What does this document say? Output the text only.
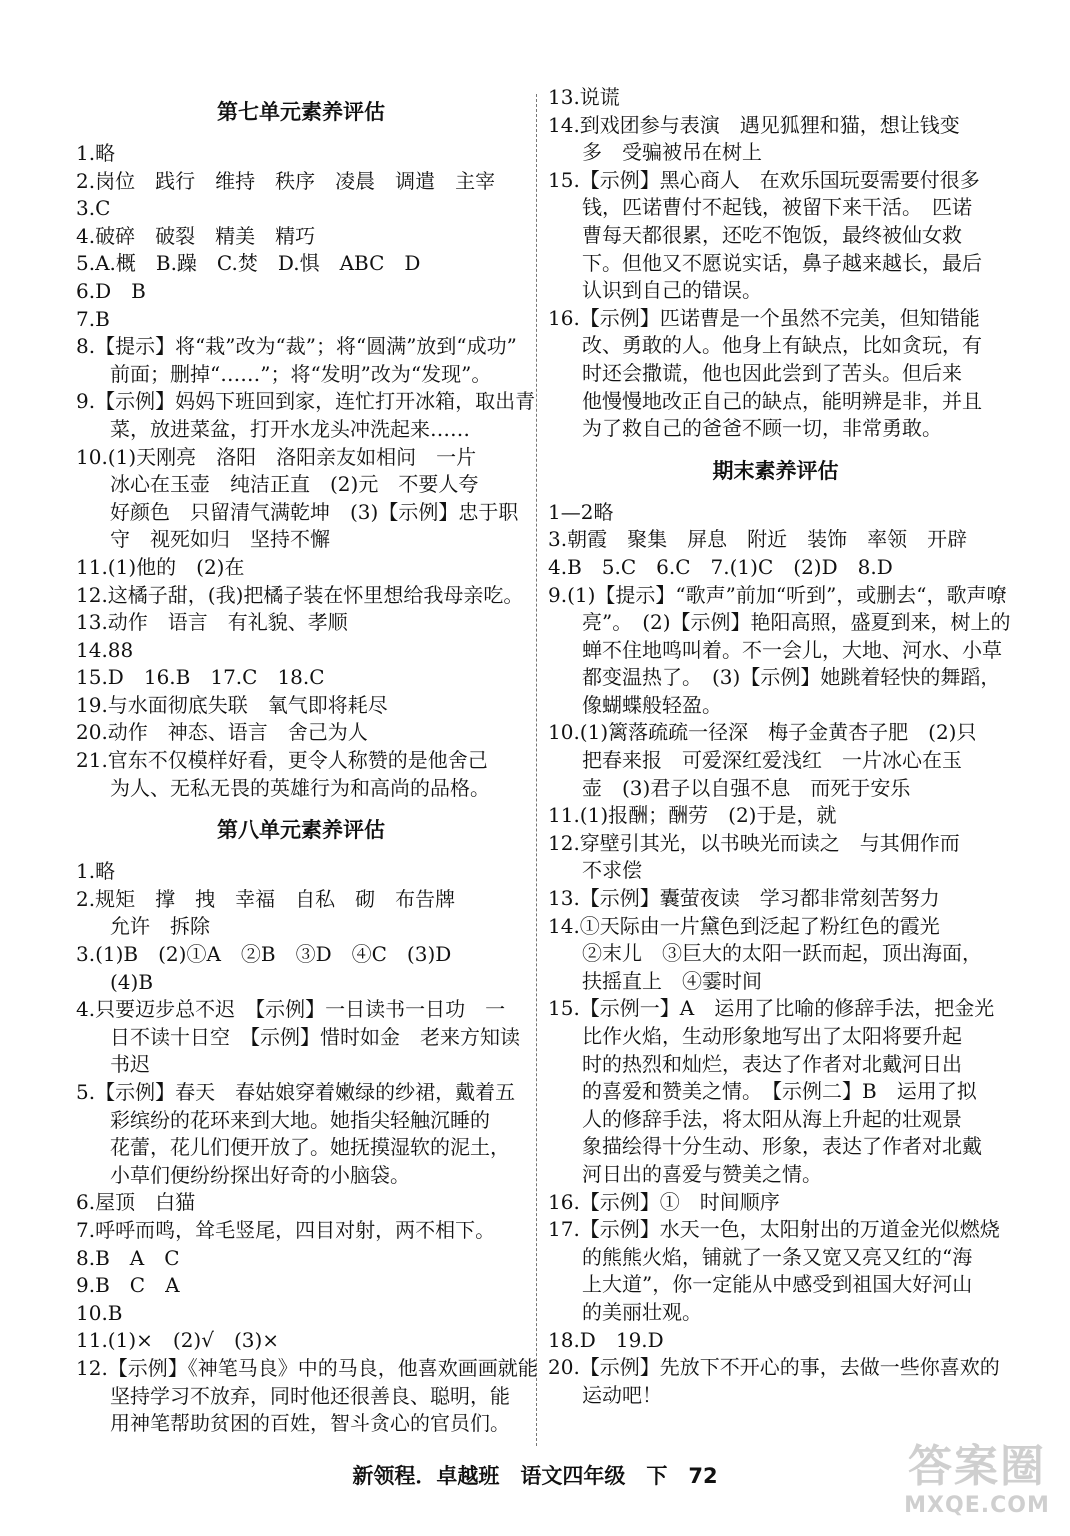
第七单元素养评估

1.略

2.岗位　践行　维持　秩序　凌晨　调遣　主宰

3.C

4.破碎　破裂　精美　精巧

5.A.概　B.躁　C.焚　D.惧　ABC　D

6.D　B

7.B

8.【提示】将“栽”改为“裁”；将“圆满”放到“成功”
前面；删掉“……”；将“发明”改为“发现”。

9.【示例】妈妈下班回到家，连忙打开冰箱，取出青
菜，放进菜盆，打开水龙头冲洗起来……

10.(1)天刚亮　洛阳　洛阳亲友如相问　一片
冰心在玉壶　纯洁正直　(2)元　不要人夸
好颜色　只留清气满乾坤　(3)【示例】忠于职
守　视死如归　坚持不懈

11.(1)他的　(2)在

12.这橘子甜，(我)把橘子装在怀里想给我母亲吃。

13.动作　语言　有礼貌、孝顺

14.88

15.D　16.B　17.C　18.C

19.与水面彻底失联　氧气即将耗尽

20.动作　神态、语言　舍己为人

21.官东不仅模样好看，更令人称赞的是他舍己
为人、无私无畏的英雄行为和高尚的品格。

第八单元素养评估

1.略

2.规矩　撑　拽　幸福　自私　砌　布告牌
允许　拆除

3.(1)B　(2)①A　②B　③D　④C　(3)D
(4)B

4.只要迈步总不迟　【示例】一日读书一日功　一
日不读十日空　【示例】惜时如金　老来方知读
书迟

5.【示例】春天　春姑娘穿着嫩绿的纱裙，戴着五
彩缤纷的花环来到大地。她指尖轻触沉睡的
花蕾，花儿们便开放了。她抚摸湿软的泥土，
小草们便纷纷探出好奇的小脑袋。

6.屋顶　白猫

7.呼呼而鸣，耸毛竖尾，四目对射，两不相下。

8.B　A　C

9.B　C　A

10.B

11.(1)×　(2)√　(3)×

12.【示例】《神笔马良》中的马良，他喜欢画画就能
坚持学习不放弃，同时他还很善良、聪明，能
用神笔帮助贫困的百姓，智斗贪心的官员们。

13.说谎

14.到戏团参与表演　遇见狐狸和猫，想让钱变
多　受骗被吊在树上

15.【示例】黑心商人　在欢乐国玩耍需要付很多
钱，匹诺曹付不起钱，被留下来干活。　匹诺
曹每天都很累，还吃不饱饭，最终被仙女救
下。但他又不愿说实话，鼻子越来越长，最后
认识到自己的错误。

16.【示例】匹诺曹是一个虽然不完美，但知错能
改、勇敢的人。他身上有缺点，比如贪玩，有
时还会撒谎，他也因此尝到了苦头。但后来
他慢慢地改正自己的缺点，能明辨是非，并且
为了救自己的爸爸不顾一切，非常勇敢。

期末素养评估

1—2略

3.朝霞　聚集　屏息　附近　装饰　率领　开辟

4.B　5.C　6.C　7.(1)C　(2)D　8.D

9.(1)【提示】“歌声”前加“听到”，或删去“，歌声嘹
亮”。　(2)【示例】艳阳高照，盛夏到来，树上的
蝉不住地鸣叫着。不一会儿，大地、河水、小草
都变温热了。　(3)【示例】她跳着轻快的舞蹈，
像蝴蝶般轻盈。

10.(1)篱落疏疏一径深　梅子金黄杏子肥　(2)只
把春来报　可爱深红爱浅红　一片冰心在玉
壶　(3)君子以自强不息　而死于安乐

11.(1)报酬；酬劳　(2)于是，就

12.穿壁引其光，以书映光而读之　与其佣作而
不求偿

13.【示例】囊萤夜读　学习都非常刻苦努力

14.①天际由一片黛色到泛起了粉红色的霞光
②末儿　③巨大的太阳一跃而起，顶出海面，
扶摇直上　④霎时间

15.【示例一】A　运用了比喻的修辞手法，把金光
比作火焰，生动形象地写出了太阳将要升起
时的热烈和灿烂，表达了作者对北戴河日出
的喜爱和赞美之情。　【示例二】B　运用了拟
人的修辞手法，将太阳从海上升起的壮观景
象描绘得十分生动、形象，表达了作者对北戴
河日出的喜爱与赞美之情。

16.【示例】①　时间顺序

17.【示例】水天一色，太阳射出的万道金光似燃烧
的熊熊火焰，铺就了一条又宽又亮又红的“海
上大道”，你一定能从中感受到祖国大好河山
的美丽壮观。

18.D　19.D

20.【示例】先放下不开心的事，去做一些你喜欢的
运动吧！

新领程．卓越班　语文四年级　下　72	答案圈
MXQE.COM
